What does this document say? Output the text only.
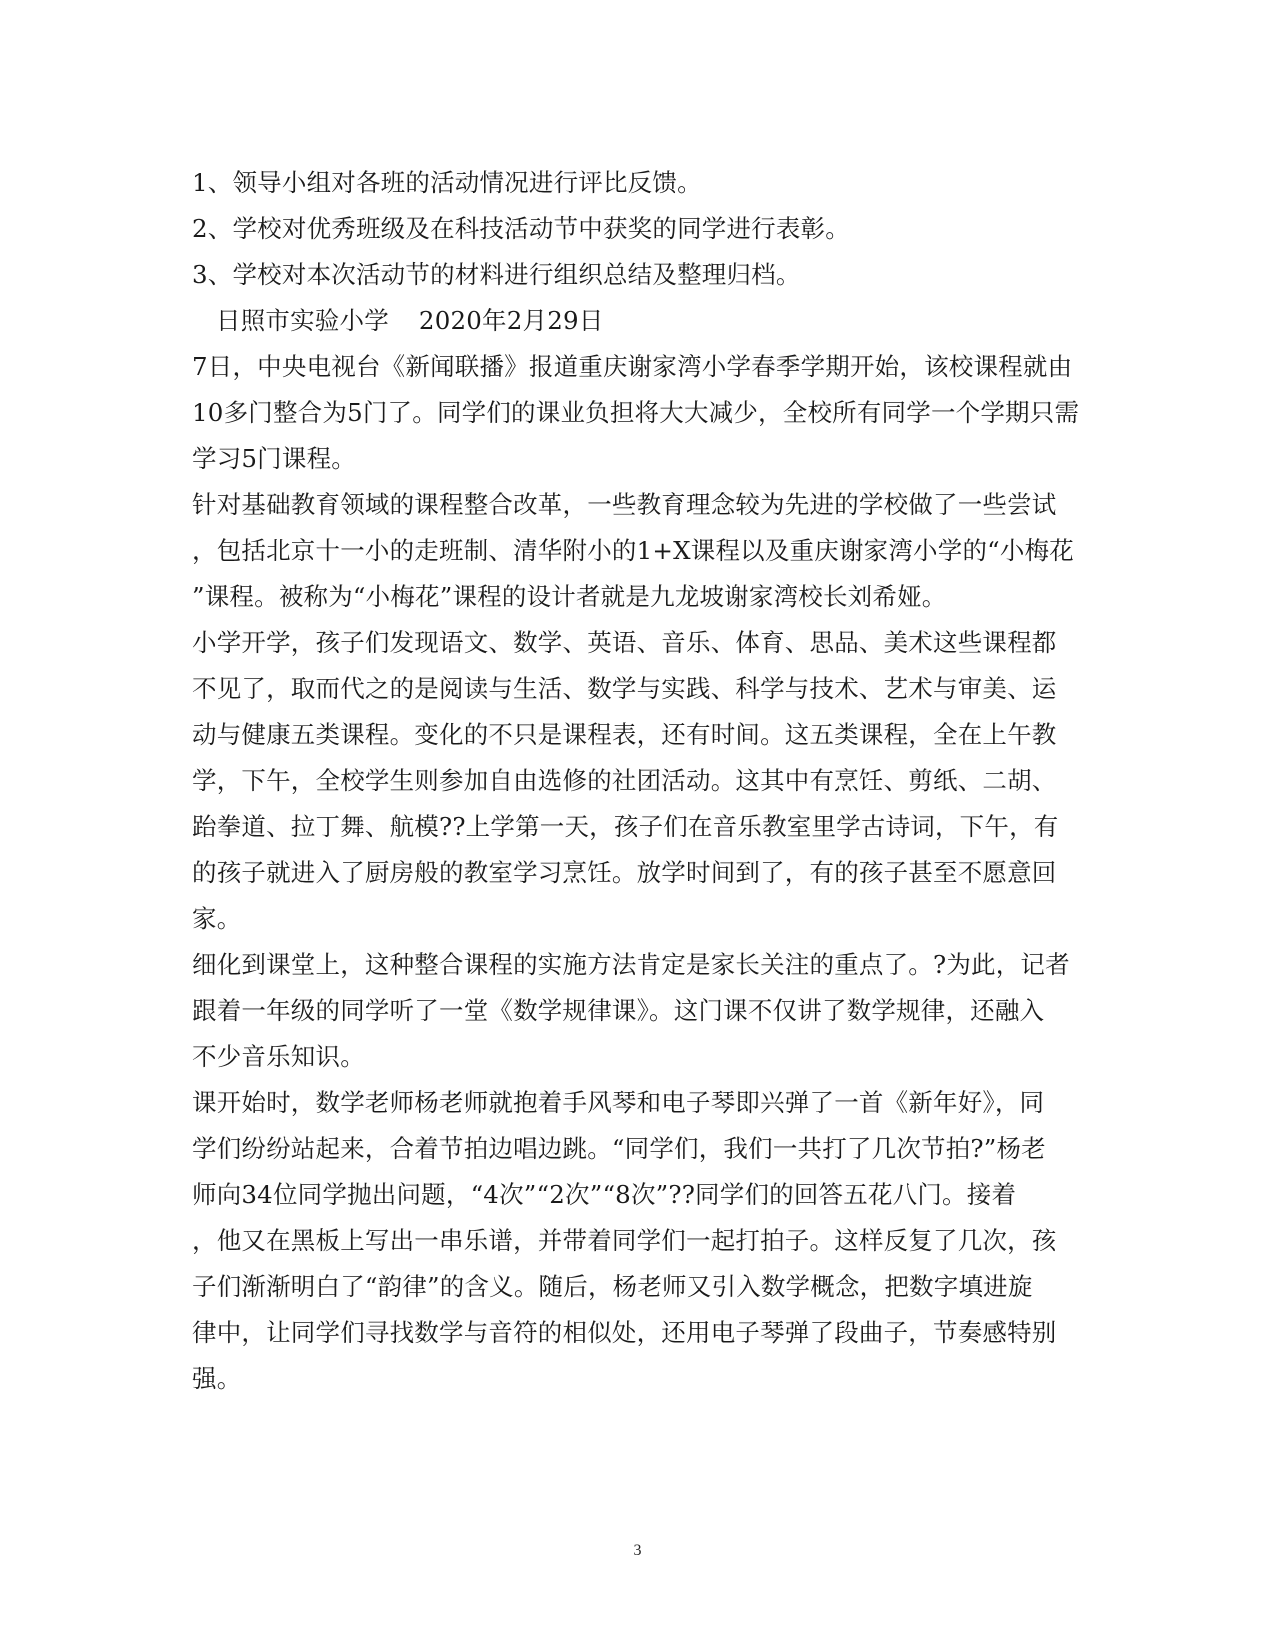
1、领导小组对各班的活动情况进行评比反馈。
2、学校对优秀班级及在科技活动节中获奖的同学进行表彰。
3、学校对本次活动节的材料进行组织总结及整理归档。
日照市实验小学 2020年2月29日
7日，中央电视台《新闻联播》报道重庆谢家湾小学春季学期开始，该校课程就由
10多门整合为5门了。同学们的课业负担将大大减少，全校所有同学一个学期只需
学习5门课程。
针对基础教育领域的课程整合改革，一些教育理念较为先进的学校做了一些尝试
，包括北京十一小的走班制、清华附小的1+X课程以及重庆谢家湾小学的“小梅花
”课程。被称为“小梅花”课程的设计者就是九龙坡谢家湾校长刘希娅。
小学开学，孩子们发现语文、数学、英语、音乐、体育、思品、美术这些课程都
不见了，取而代之的是阅读与生活、数学与实践、科学与技术、艺术与审美、运
动与健康五类课程。变化的不只是课程表，还有时间。这五类课程，全在上午教
学，下午，全校学生则参加自由选修的社团活动。这其中有烹饪、剪纸、二胡、
跆拳道、拉丁舞、航模??上学第一天，孩子们在音乐教室里学古诗词，下午，有
的孩子就进入了厨房般的教室学习烹饪。放学时间到了，有的孩子甚至不愿意回
家。
细化到课堂上，这种整合课程的实施方法肯定是家长关注的重点了。?为此，记者
跟着一年级的同学听了一堂《数学规律课》。这门课不仅讲了数学规律，还融入
不少音乐知识。
课开始时，数学老师杨老师就抱着手风琴和电子琴即兴弹了一首《新年好》，同
学们纷纷站起来，合着节拍边唱边跳。“同学们，我们一共打了几次节拍?”杨老
师向34位同学抛出问题，“4次”“2次”“8次”??同学们的回答五花八门。接着
，他又在黑板上写出一串乐谱，并带着同学们一起打拍子。这样反复了几次，孩
子们渐渐明白了“韵律”的含义。随后，杨老师又引入数学概念，把数字填进旋
律中，让同学们寻找数学与音符的相似处，还用电子琴弹了段曲子，节奏感特别
强。
3
